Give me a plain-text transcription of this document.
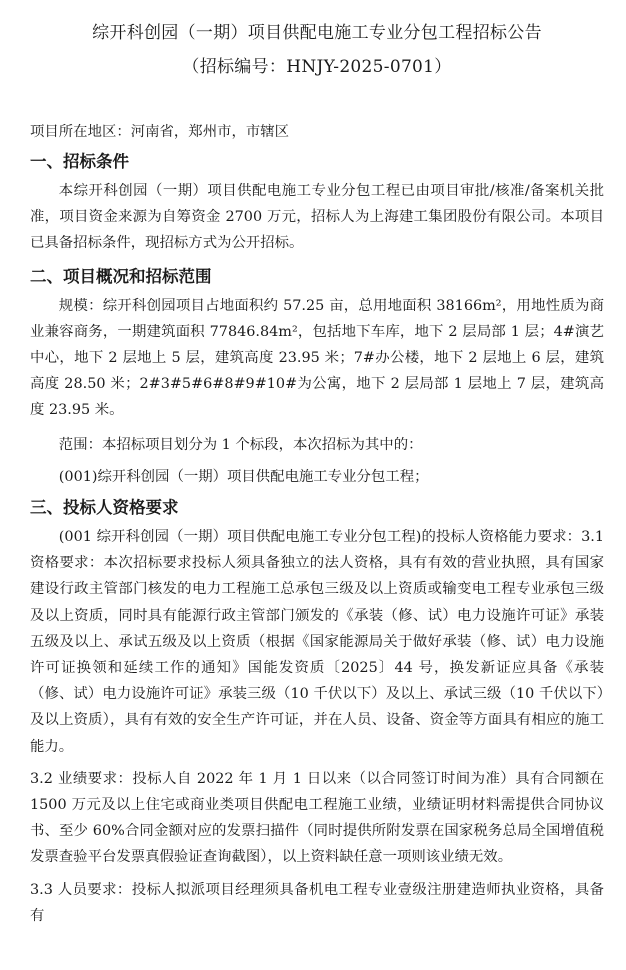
综开科创园（一期）项目供配电施工专业分包工程招标公告
（招标编号：HNJY-2025-0701）
项目所在地区：河南省，郑州市，市辖区
一、招标条件

本综开科创园（一期）项目供配电施工专业分包工程已由项目审批/核准/备案机关批准，项目资金来源为自筹资金 2700 万元，招标人为上海建工集团股份有限公司。本项目已具备招标条件，现招标方式为公开招标。

二、项目概况和招标范围

规模：综开科创园项目占地面积约 57.25 亩，总用地面积 38166m²，用地性质为商业兼容商务，一期建筑面积 77846.84m²，包括地下车库，地下 2 层局部 1 层；4#演艺中心，地下 2 层地上 5 层，建筑高度 23.95 米；7#办公楼，地下 2 层地上 6 层，建筑高度 28.50 米；2#3#5#6#8#9#10#为公寓，地下 2 层局部 1 层地上 7 层，建筑高度 23.95 米。

范围：本招标项目划分为 1 个标段，本次招标为其中的：

(001)综开科创园（一期）项目供配电施工专业分包工程；

三、投标人资格要求

(001 综开科创园（一期）项目供配电施工专业分包工程)的投标人资格能力要求：3.1 资格要求：本次招标要求投标人须具备独立的法人资格，具有有效的营业执照，具有国家建设行政主管部门核发的电力工程施工总承包三级及以上资质或输变电工程专业承包三级及以上资质，同时具有能源行政主管部门颁发的《承装（修、试）电力设施许可证》承装五级及以上、承试五级及以上资质（根据《国家能源局关于做好承装（修、试）电力设施许可证换领和延续工作的通知》国能发资质〔2025〕44 号，换发新证应具备《承装（修、试）电力设施许可证》承装三级（10 千伏以下）及以上、承试三级（10 千伏以下）及以上资质），具有有效的安全生产许可证，并在人员、设备、资金等方面具有相应的施工能力。

3.2 业绩要求：投标人自 2022 年 1 月 1 日以来（以合同签订时间为准）具有合同额在 1500 万元及以上住宅或商业类项目供配电工程施工业绩，业绩证明材料需提供合同协议书、至少 60%合同金额对应的发票扫描件（同时提供所附发票在国家税务总局全国增值税发票查验平台发票真假验证查询截图），以上资料缺任意一项则该业绩无效。

3.3 人员要求：投标人拟派项目经理须具备机电工程专业壹级注册建造师执业资格，具备有
